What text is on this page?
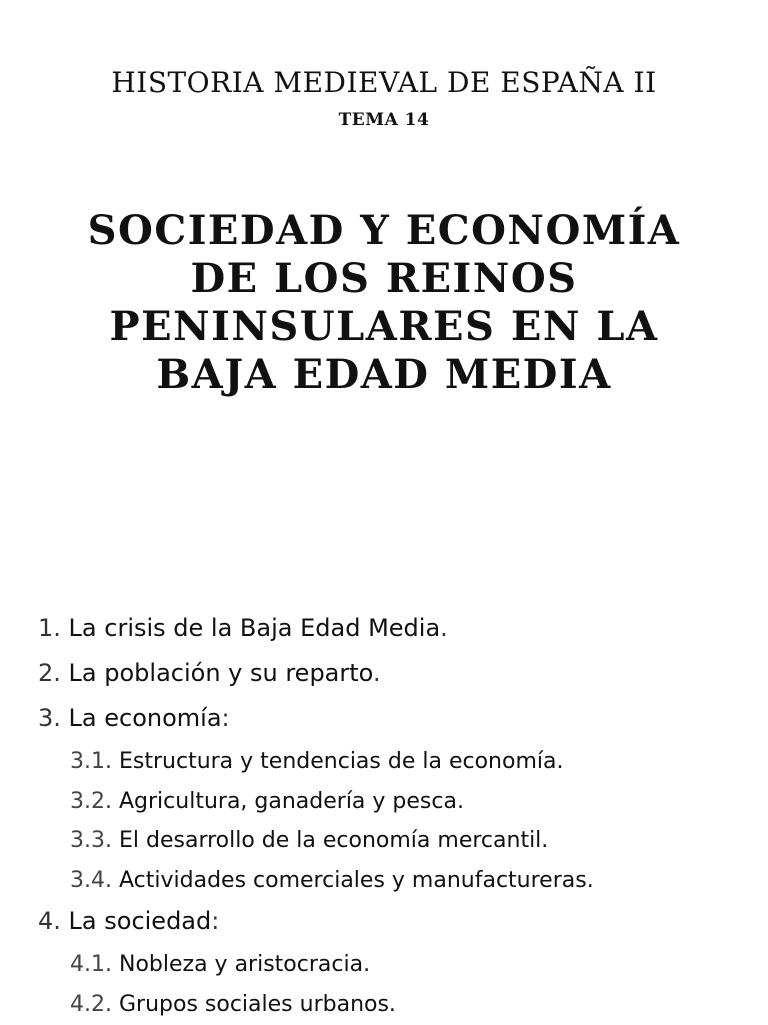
HISTORIA MEDIEVAL DE ESPAÑA II
TEMA 14
SOCIEDAD Y ECONOMÍA
DE LOS REINOS
PENINSULARES EN LA
BAJA EDAD MEDIA
1. La crisis de la Baja Edad Media.
2. La población y su reparto.
3. La economía:
3.1. Estructura y tendencias de la economía.
3.2. Agricultura, ganadería y pesca.
3.3. El desarrollo de la economía mercantil.
3.4. Actividades comerciales y manufactureras.
4. La sociedad:
4.1. Nobleza y aristocracia.
4.2. Grupos sociales urbanos.
